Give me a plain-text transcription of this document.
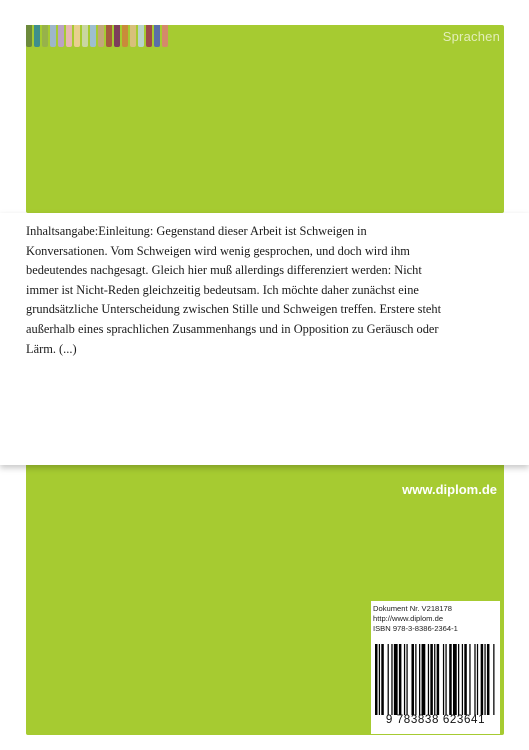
Sprachen

Inhaltsangabe:Einleitung: Gegenstand dieser Arbeit ist Schweigen in Konversationen. Vom Schweigen wird wenig gesprochen, und doch wird ihm bedeutendes nachgesagt. Gleich hier muß allerdings differenziert werden: Nicht immer ist Nicht-Reden gleichzeitig bedeutsam. Ich möchte daher zunächst eine grundsätzliche Unterscheidung zwischen Stille und Schweigen treffen. Erstere steht außerhalb eines sprachlichen Zusammenhangs und in Opposition zu Geräusch oder Lärm. (...)

www.diplom.de
Dokument Nr. V218178
http://www.diplom.de
ISBN 978-3-8386-2364-1
9 783838 623641
